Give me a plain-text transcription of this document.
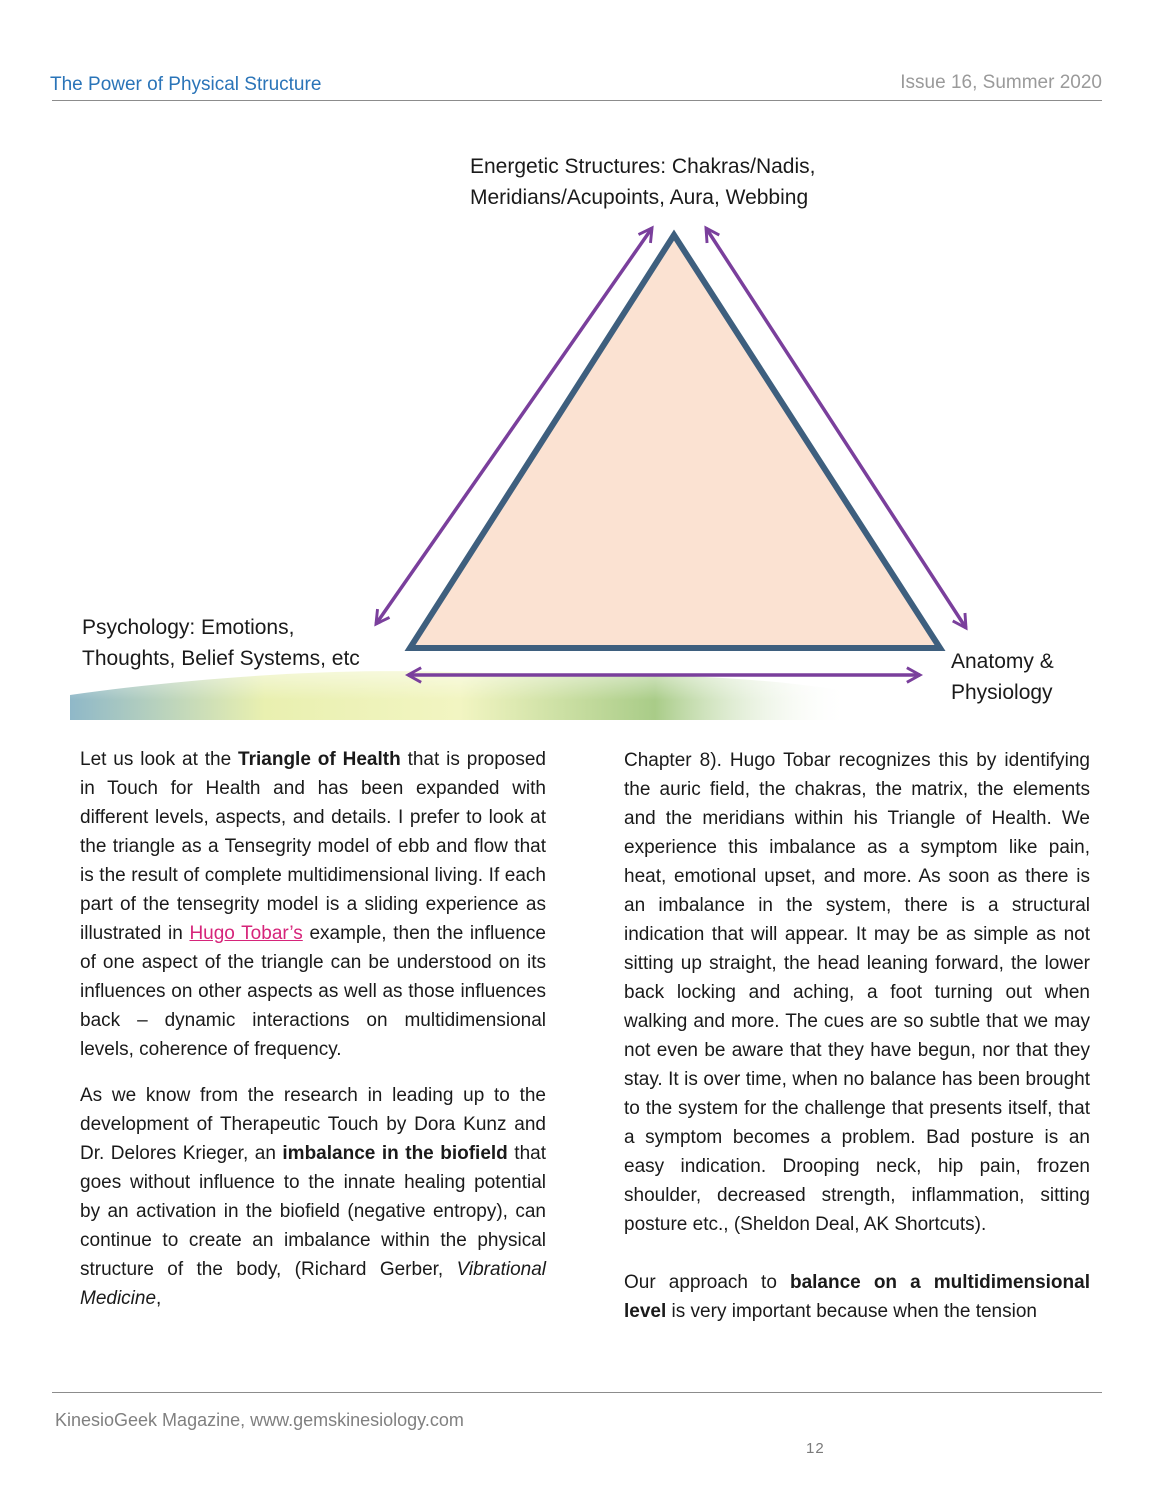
The Power of Physical Structure	Issue 16, Summer 2020
Energetic Structures: Chakras/Nadis,
Meridians/Acupoints, Aura, Webbing
Psychology: Emotions,
Thoughts, Belief Systems, etc	Anatomy &
Physiology

Let us look at the Triangle of Health that is proposed in Touch for Health and has been expanded with different levels, aspects, and details. I prefer to look at the triangle as a Tensegrity model of ebb and flow that is the result of complete multidimensional living. If each part of the tensegrity model is a sliding experience as illustrated in Hugo Tobar’s example, then the influence of one aspect of the triangle can be understood on its influences on other aspects as well as those influences back – dynamic interactions on multidimensional levels, coherence of frequency.

As we know from the research in leading up to the development of Therapeutic Touch by Dora Kunz and Dr. Delores Krieger, an imbalance in the biofield that goes without influence to the innate healing potential by an activation in the biofield (negative entropy), can continue to create an imbalance within the physical structure of the body, (Richard Gerber, Vibrational Medicine,

Chapter 8). Hugo Tobar recognizes this by identifying the auric field, the chakras, the matrix, the elements and the meridians within his Triangle of Health. We experience this imbalance as a symptom like pain, heat, emotional upset, and more. As soon as there is an imbalance in the system, there is a structural indication that will appear. It may be as simple as not sitting up straight, the head leaning forward, the lower back locking and aching, a foot turning out when walking and more. The cues are so subtle that we may not even be aware that they have begun, nor that they stay. It is over time, when no balance has been brought to the system for the challenge that presents itself, that a symptom becomes a problem. Bad posture is an easy indication. Drooping neck, hip pain, frozen shoulder, decreased strength, inflammation, sitting posture etc., (Sheldon Deal, AK Shortcuts).

Our approach to balance on a multidimensional level is very important because when the tension

KinesioGeek Magazine, www.gemskinesiology.com
12
